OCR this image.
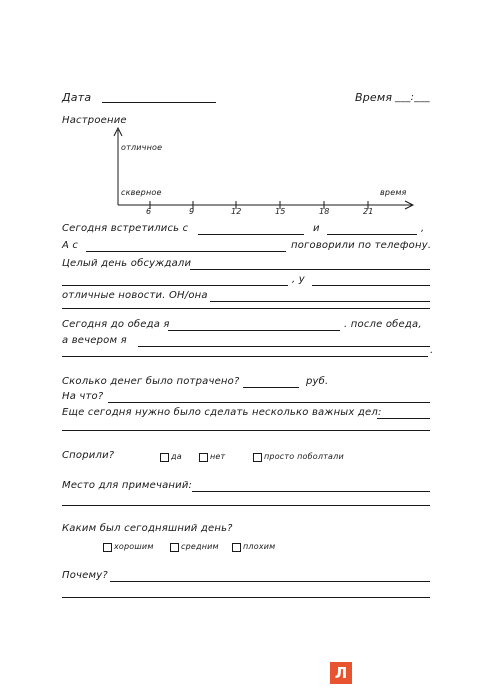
Дата	Время ___:___
Настроение
отличное
скверное	время
6	9	12	15	18	21
Сегодня встретились с	и	,
А с	поговорили по телефону.
Целый день обсуждали
, у
отличные новости. ОН/она
Сегодня до обеда я	. после обеда,
а вечером я
.
Сколько денег было потрачено?	руб.
На что?
Еще сегодня нужно было сделать несколько важных дел:
Спорили?	да	нет	просто поболтали
Место для примечаний:
Каким был сегодняшний день?
хорошим	средним	плохим
Почему?
Л
